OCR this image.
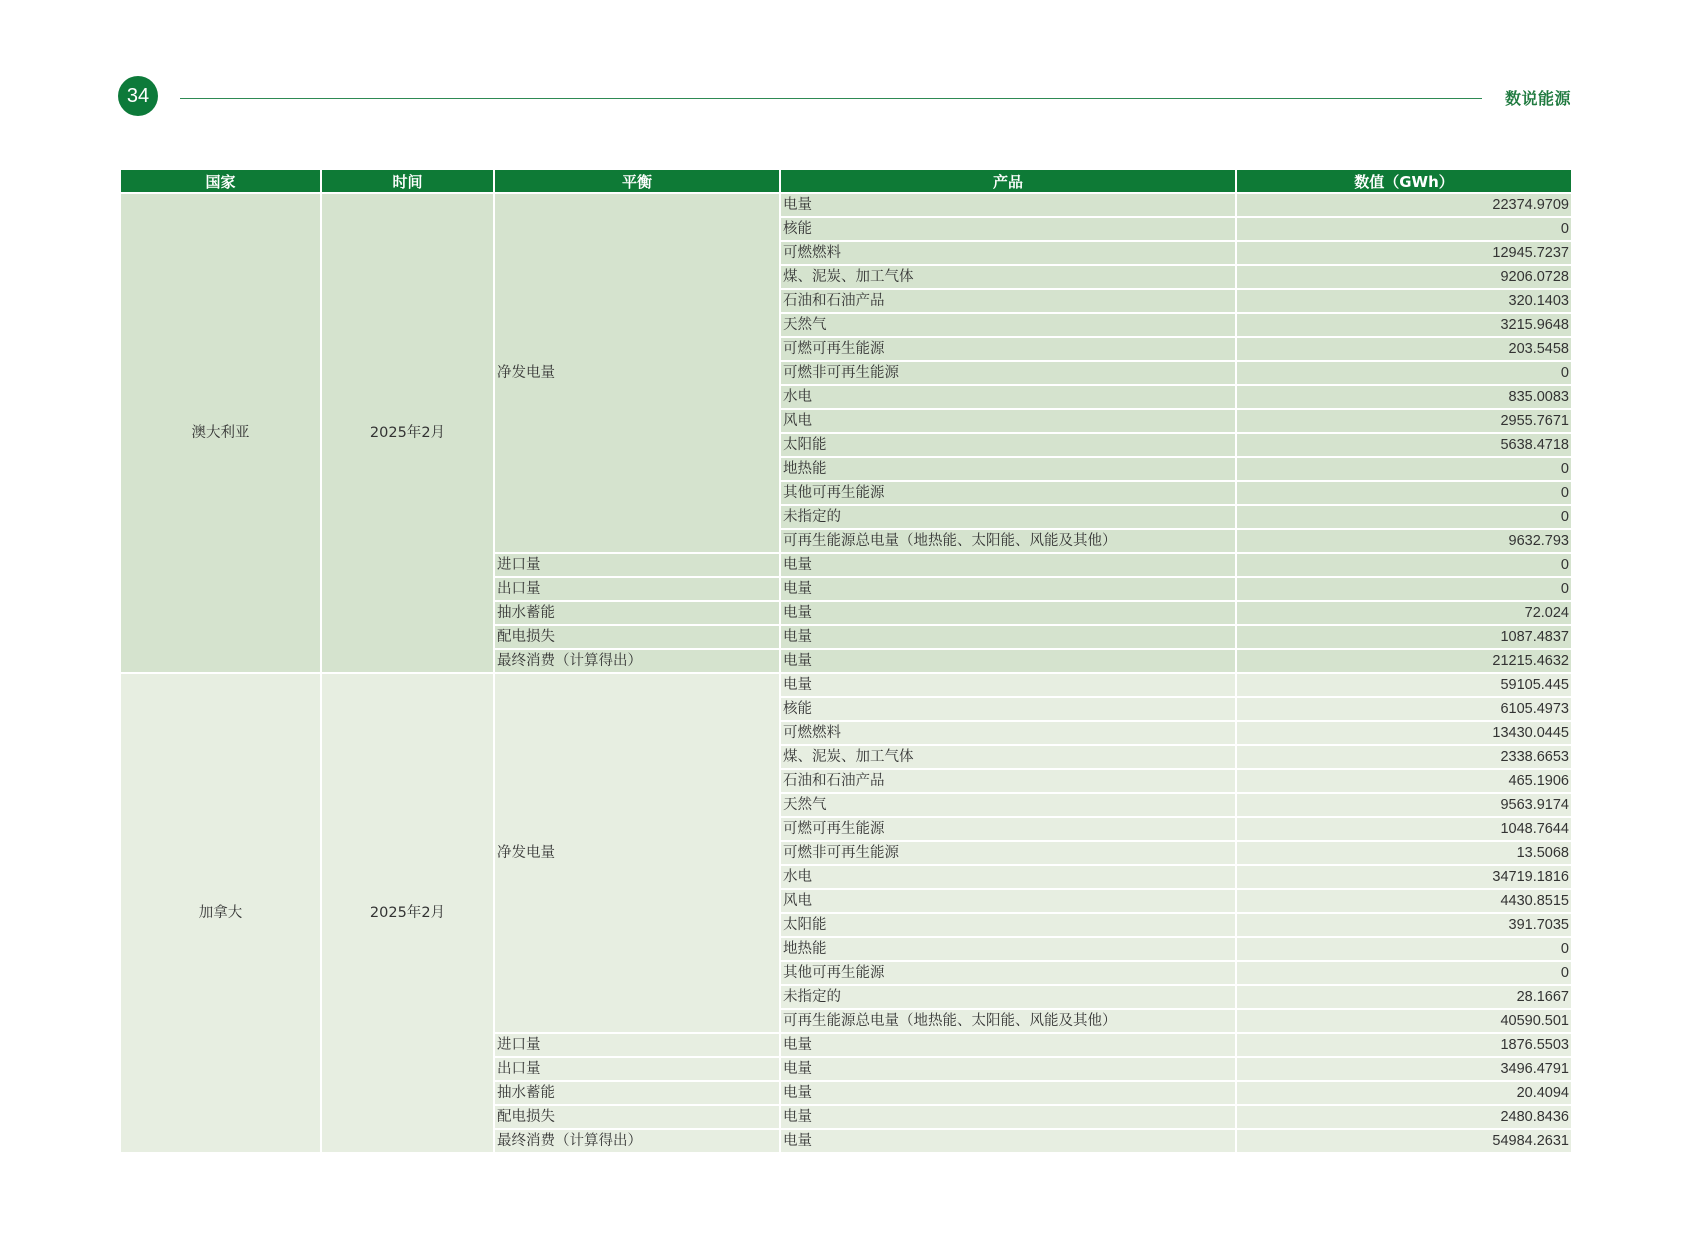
34	数说能源
国家	时间	平衡	产品	数值（GWh）
澳大利亚	2025年2月	净发电量	电量	22374.9709
			核能	0
			可燃燃料	12945.7237
			煤、泥炭、加工气体	9206.0728
			石油和石油产品	320.1403
			天然气	3215.9648
			可燃可再生能源	203.5458
			可燃非可再生能源	0
			水电	835.0083
			风电	2955.7671
			太阳能	5638.4718
			地热能	0
			其他可再生能源	0
			未指定的	0
			可再生能源总电量（地热能、太阳能、风能及其他）	9632.793
		进口量	电量	0
		出口量	电量	0
		抽水蓄能	电量	72.024
		配电损失	电量	1087.4837
		最终消费（计算得出）	电量	21215.4632
加拿大	2025年2月	净发电量	电量	59105.445
			核能	6105.4973
			可燃燃料	13430.0445
			煤、泥炭、加工气体	2338.6653
			石油和石油产品	465.1906
			天然气	9563.9174
			可燃可再生能源	1048.7644
			可燃非可再生能源	13.5068
			水电	34719.1816
			风电	4430.8515
			太阳能	391.7035
			地热能	0
			其他可再生能源	0
			未指定的	28.1667
			可再生能源总电量（地热能、太阳能、风能及其他）	40590.501
		进口量	电量	1876.5503
		出口量	电量	3496.4791
		抽水蓄能	电量	20.4094
		配电损失	电量	2480.8436
		最终消费（计算得出）	电量	54984.2631
